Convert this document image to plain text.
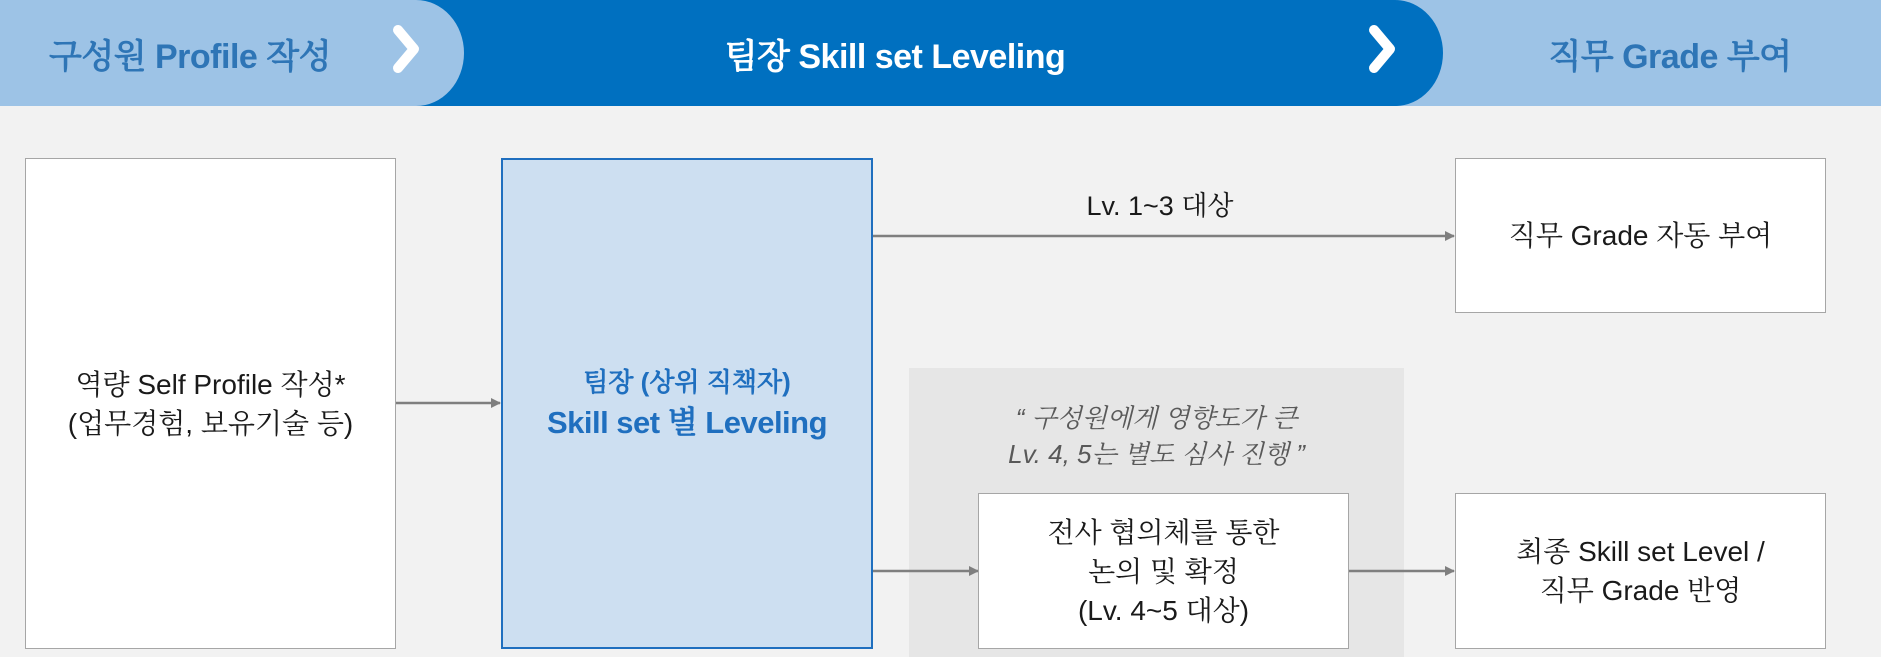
구성원 Profile 작성	팀장 Skill set Leveling	직무 Grade 부여
“ 구성원에게 영향도가 큰
Lv. 4, 5는 별도 심사 진행 ”
Lv. 1~3 대상
역량 Self Profile 작성*
(업무경험, 보유기술 등)
팀장 (상위 직책자)
Skill set 별 Leveling
직무 Grade 자동 부여
전사 협의체를 통한
논의 및 확정
(Lv. 4~5 대상)
최종 Skill set Level /
직무 Grade 반영
